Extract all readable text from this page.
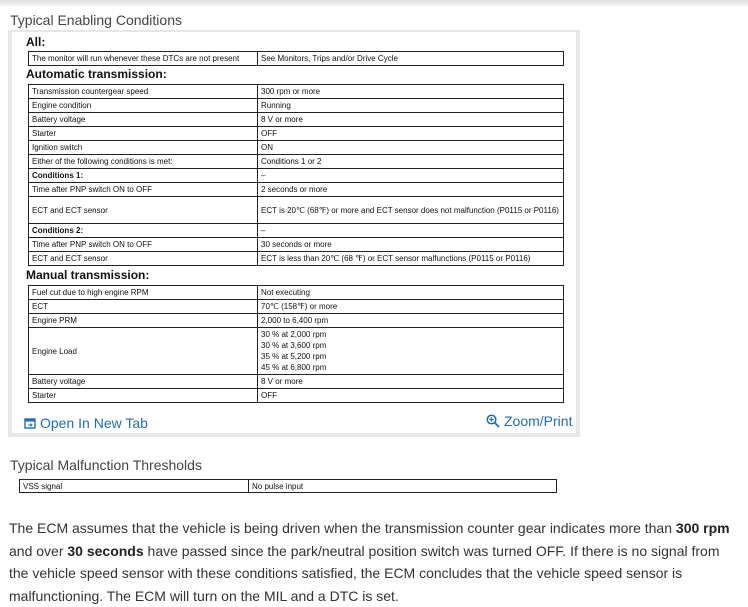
Typical Enabling Conditions
All:
The monitor will run whenever these DTCs are not present	See Monitors, Trips and/or Drive Cycle
Automatic transmission:
Transmission countergear speed	300 rpm or more
Engine condition	Running
Battery voltage	8 V or more
Starter	OFF
Ignition switch	ON
Either of the following conditions is met:	Conditions 1 or 2
Conditions 1:	–
Time after PNP switch ON to OFF	2 seconds or more
ECT and ECT sensor	ECT is 20℃ (68℉) or more and ECT sensor does not malfunction (P0115 or P0116)
Conditions 2:	–
Time after PNP switch ON to OFF	30 seconds or more
ECT and ECT sensor	ECT is less than 20℃ (68 ℉) or ECT sensor malfunctions (P0115 or P0116)
Manual transmission:
Fuel cut due to high engine RPM	Not executing
ECT	70℃ (158℉) or more
Engine PRM	2,000 to 6,400 rpm
Engine Load	30 % at 2,000 rpm
30 % at 3,600 rpm
35 % at 5,200 rpm
45 % at 6,800 rpm
Battery voltage	8 V or more
Starter	OFF
Open In New Tab	Zoom/Print
Typical Malfunction Thresholds
VSS signal	No pulse input
The ECM assumes that the vehicle is being driven when the transmission counter gear indicates more than 300 rpm and over 30 seconds have passed since the park/neutral position switch was turned OFF. If there is no signal from the vehicle speed sensor with these conditions satisfied, the ECM concludes that the vehicle speed sensor is malfunctioning. The ECM will turn on the MIL and a DTC is set.
